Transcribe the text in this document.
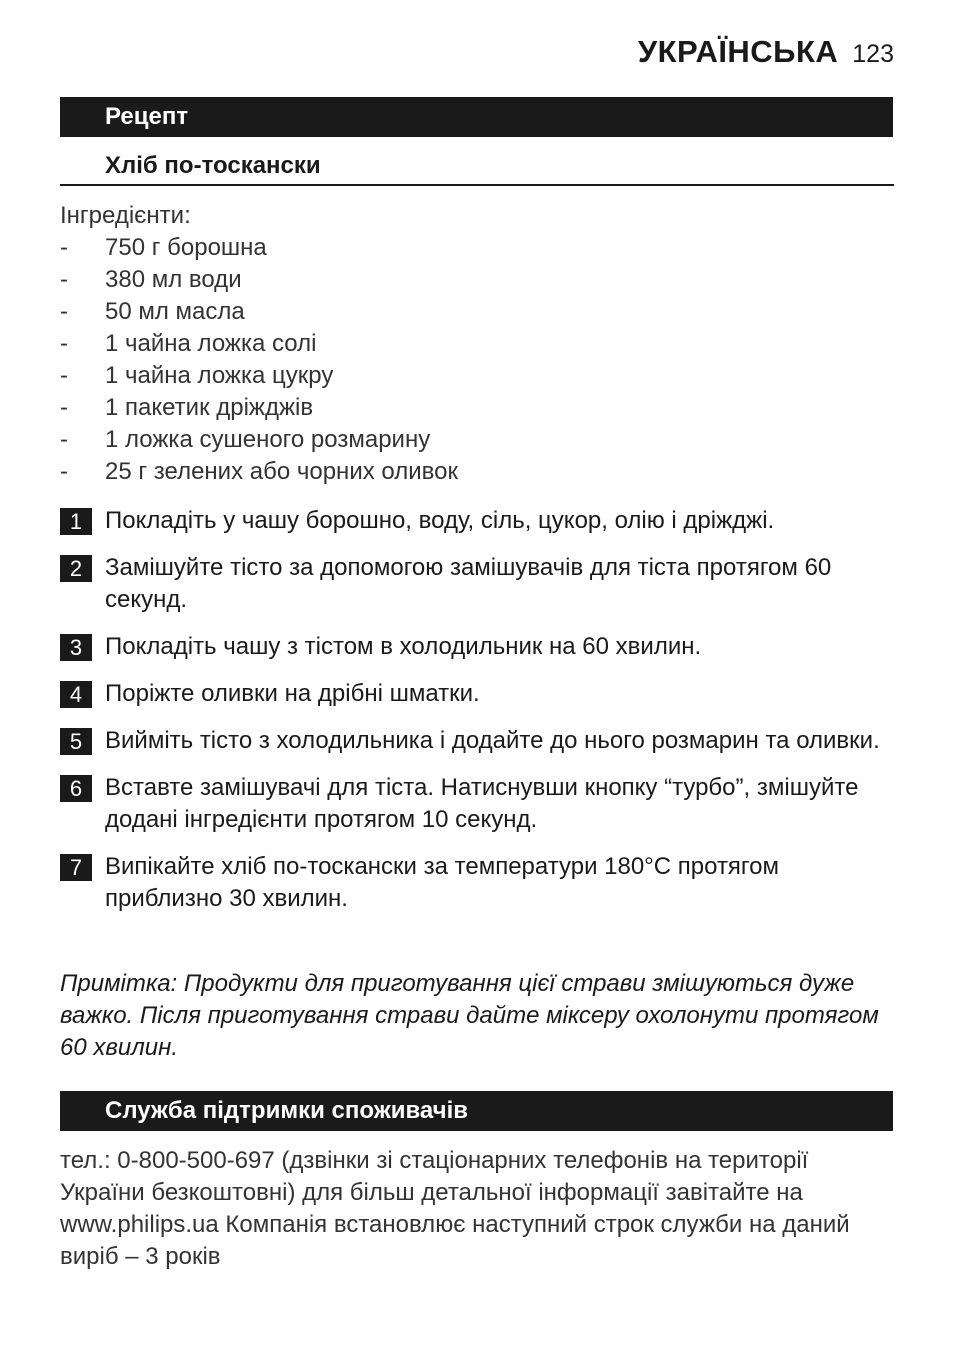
УКРАЇНСЬКА 123
Рецепт
Хліб по-тоскански
Інгредієнти:
-	750 г борошна
-	380 мл води
-	50 мл масла
-	1 чайна ложка солі
-	1 чайна ложка цукру
-	1 пакетик дріжджів
-	1 ложка сушеного розмарину
-	25 г зелених або чорних оливок
1 Покладіть у чашу борошно, воду, сіль, цукор, олію і дріжджі.
2 Замішуйте тісто за допомогою замішувачів для тіста протягом 60 секунд.
3 Покладіть чашу з тістом в холодильник на 60 хвилин.
4 Поріжте оливки на дрібні шматки.
5 Вийміть тісто з холодильника і додайте до нього розмарин та оливки.
6 Вставте замішувачі для тіста. Натиснувши кнопку “турбо”, змішуйте додані інгредієнти протягом 10 секунд.
7 Випікайте хліб по-тоскански за температури 180°C протягом приблизно 30 хвилин.

Примітка: Продукти для приготування цієї страви змішуються дуже важко. Після приготування страви дайте міксеру охолонути протягом 60 хвилин.

Служба підтримки споживачів

тел.: 0-800-500-697 (дзвінки зі стаціонарних телефонів на території України безкоштовні) для більш детальної інформації завітайте на www.philips.ua Компанія встановлює наступний строк служби на даний виріб – 3 років
